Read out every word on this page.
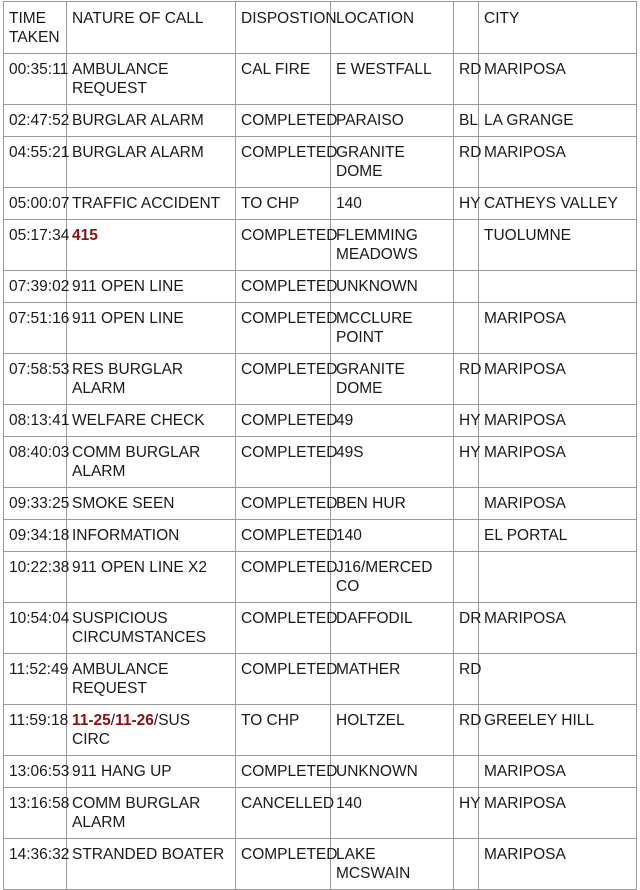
TIME TAKEN	NATURE OF CALL	DISPOSTION	LOCATION		CITY
00:35:11	AMBULANCE REQUEST	CAL FIRE	E WESTFALL	RD	MARIPOSA
02:47:52	BURGLAR ALARM	COMPLETED	PARAISO	BL	LA GRANGE
04:55:21	BURGLAR ALARM	COMPLETED	GRANITE DOME	RD	MARIPOSA
05:00:07	TRAFFIC ACCIDENT	TO CHP	140	HY	CATHEYS VALLEY
05:17:34	415	COMPLETED	FLEMMING MEADOWS		TUOLUMNE
07:39:02	911 OPEN LINE	COMPLETED	UNKNOWN		
07:51:16	911 OPEN LINE	COMPLETED	MCCLURE POINT		MARIPOSA
07:58:53	RES BURGLAR ALARM	COMPLETED	GRANITE DOME	RD	MARIPOSA
08:13:41	WELFARE CHECK	COMPLETED	49	HY	MARIPOSA
08:40:03	COMM BURGLAR ALARM	COMPLETED	49S	HY	MARIPOSA
09:33:25	SMOKE SEEN	COMPLETED	BEN HUR		MARIPOSA
09:34:18	INFORMATION	COMPLETED	140		EL PORTAL
10:22:38	911 OPEN LINE X2	COMPLETED	J16/MERCED CO		
10:54:04	SUSPICIOUS CIRCUMSTANCES	COMPLETED	DAFFODIL	DR	MARIPOSA
11:52:49	AMBULANCE REQUEST	COMPLETED	MATHER	RD	
11:59:18	11-25/11-26/SUS CIRC	TO CHP	HOLTZEL	RD	GREELEY HILL
13:06:53	911 HANG UP	COMPLETED	UNKNOWN		MARIPOSA
13:16:58	COMM BURGLAR ALARM	CANCELLED	140	HY	MARIPOSA
14:36:32	STRANDED BOATER	COMPLETED	LAKE MCSWAIN		MARIPOSA
